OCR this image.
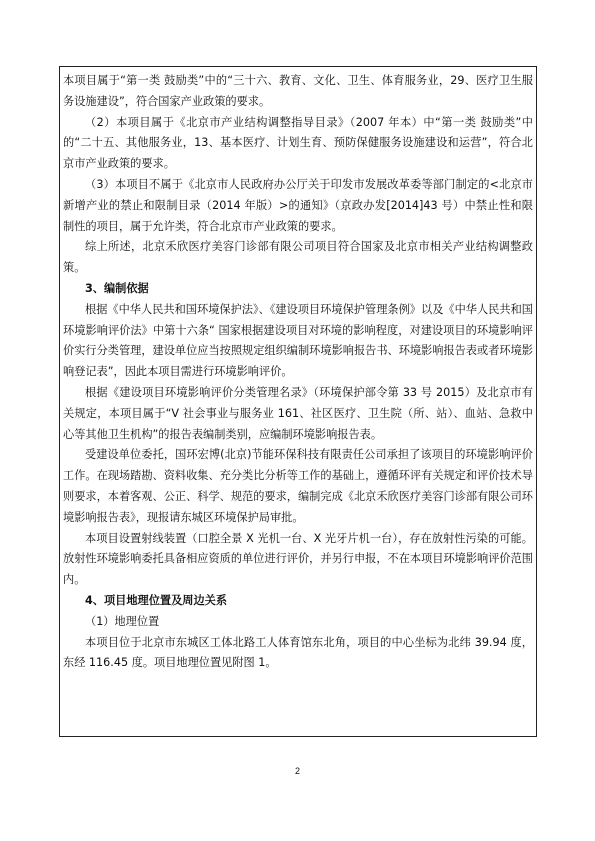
本项目属于“第一类 鼓励类”中的“三十六、教育、文化、卫生、体育服务业，29、医疗卫生服务设施建设”，符合国家产业政策的要求。

（2）本项目属于《北京市产业结构调整指导目录》（2007 年本）中“第一类 鼓励类”中的“二十五、其他服务业，13、基本医疗、计划生育、预防保健服务设施建设和运营”，符合北京市产业政策的要求。

（3）本项目不属于《北京市人民政府办公厅关于印发市发展改革委等部门制定的<北京市新增产业的禁止和限制目录（2014 年版）>的通知》（京政办发[2014]43 号）中禁止性和限制性的项目，属于允许类，符合北京市产业政策的要求。

综上所述，北京禾欣医疗美容门诊部有限公司项目符合国家及北京市相关产业结构调整政策。

3、编制依据

根据《中华人民共和国环境保护法》、《建设项目环境保护管理条例》以及《中华人民共和国环境影响评价法》中第十六条“ 国家根据建设项目对环境的影响程度，对建设项目的环境影响评价实行分类管理，建设单位应当按照规定组织编制环境影响报告书、环境影响报告表或者环境影响登记表”，因此本项目需进行环境影响评价。

根据《建设项目环境影响评价分类管理名录》（环境保护部令第 33 号 2015）及北京市有关规定，本项目属于“V 社会事业与服务业 161、社区医疗、卫生院（所、站）、血站、急救中心等其他卫生机构”的报告表编制类别，应编制环境影响报告表。

受建设单位委托，国环宏博(北京)节能环保科技有限责任公司承担了该项目的环境影响评价工作。在现场踏勘、资料收集、充分类比分析等工作的基础上，遵循环评有关规定和评价技术导则要求，本着客观、公正、科学、规范的要求，编制完成《北京禾欣医疗美容门诊部有限公司环境影响报告表》，现报请东城区环境保护局审批。

本项目设置射线装置（口腔全景 X 光机一台、X 光牙片机一台），存在放射性污染的可能。放射性环境影响委托具备相应资质的单位进行评价，并另行申报，不在本项目环境影响评价范围内。

4、项目地理位置及周边关系

（1）地理位置

本项目位于北京市东城区工体北路工人体育馆东北角，项目的中心坐标为北纬 39.94 度，东经 116.45 度。项目地理位置见附图 1。

2
